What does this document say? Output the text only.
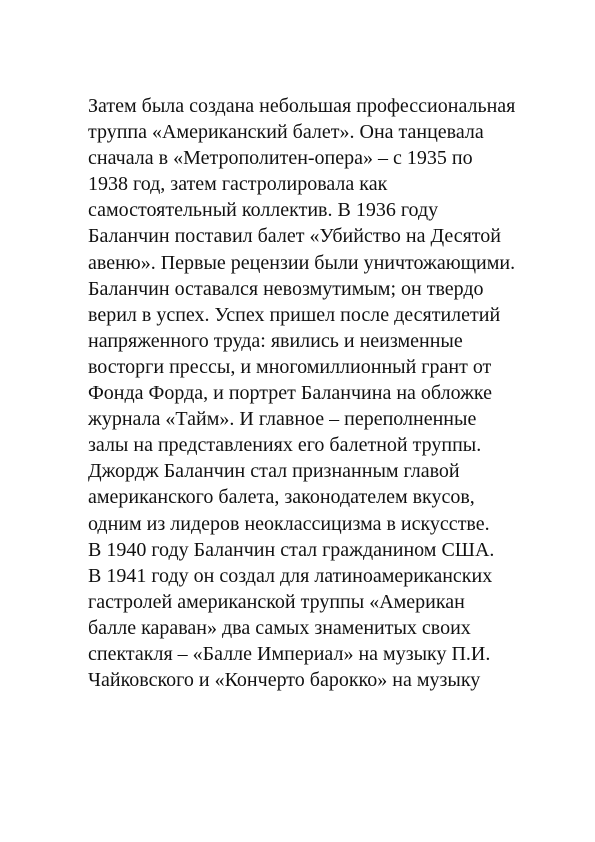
Затем была создана небольшая профессиональная
труппа «Американский балет». Она танцевала
сначала в «Метрополитен-опера» – с 1935 по
1938 год, затем гастролировала как
самостоятельный коллектив. В 1936 году
Баланчин поставил балет «Убийство на Десятой
авеню». Первые рецензии были уничтожающими.
Баланчин оставался невозмутимым; он твердо
верил в успех. Успех пришел после десятилетий
напряженного труда: явились и неизменные
восторги прессы, и многомиллионный грант от
Фонда Форда, и портрет Баланчина на обложке
журнала «Тайм». И главное – переполненные
залы на представлениях его балетной труппы.
Джордж Баланчин стал признанным главой
американского балета, законодателем вкусов,
одним из лидеров неоклассицизма в искусстве.
В 1940 году Баланчин стал гражданином США.
В 1941 году он создал для латиноамериканских
гастролей американской труппы «Американ
балле караван» два самых знаменитых своих
спектакля – «Балле Империал» на музыку П.И.
Чайковского и «Кончерто барокко» на музыку
